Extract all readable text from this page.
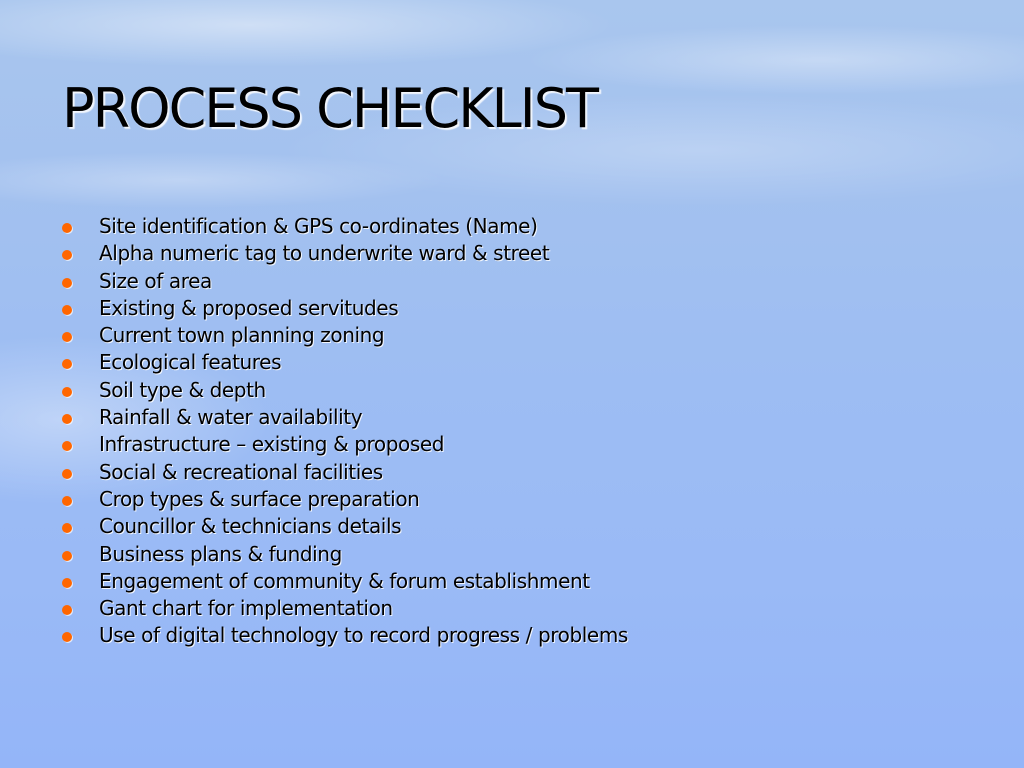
PROCESS CHECKLIST
Site identification & GPS co-ordinates (Name)
Alpha numeric tag to underwrite ward & street
Size of area
Existing & proposed servitudes
Current town planning zoning
Ecological features
Soil type & depth
Rainfall & water availability
Infrastructure – existing & proposed
Social & recreational facilities
Crop types & surface preparation
Councillor & technicians details
Business plans & funding
Engagement of community & forum establishment
Gant chart for implementation
Use of digital technology to record progress / problems
